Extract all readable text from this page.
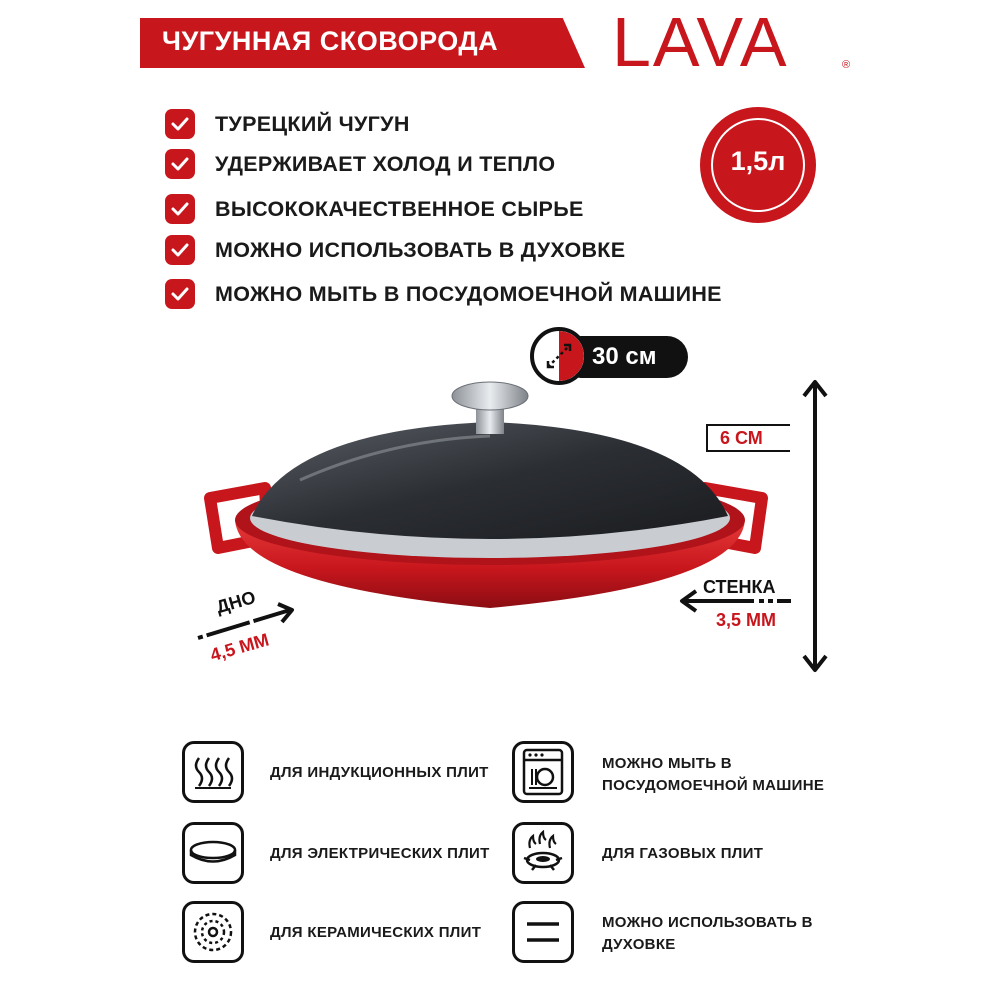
ЧУГУННАЯ СКОВОРОДА LAVA	®
ТУРЕЦКИЙ ЧУГУН
УДЕРЖИВАЕТ ХОЛОД И ТЕПЛО
ВЫСОКОКАЧЕСТВЕННОЕ СЫРЬЕ
МОЖНО ИСПОЛЬЗОВАТЬ В ДУХОВКЕ
МОЖНО МЫТЬ В ПОСУДОМОЕЧНОЙ МАШИНЕ
1,5л
30 см
6 СМ
ДНО
4,5 ММ
СТЕНКА
3,5 ММ
ДЛЯ ИНДУКЦИОННЫХ ПЛИТ
ДЛЯ ЭЛЕКТРИЧЕСКИХ ПЛИТ
ДЛЯ КЕРАМИЧЕСКИХ ПЛИТ
МОЖНО МЫТЬ В ПОСУДОМОЕЧНОЙ МАШИНЕ
ДЛЯ ГАЗОВЫХ ПЛИТ
МОЖНО ИСПОЛЬЗОВАТЬ В ДУХОВКЕ
